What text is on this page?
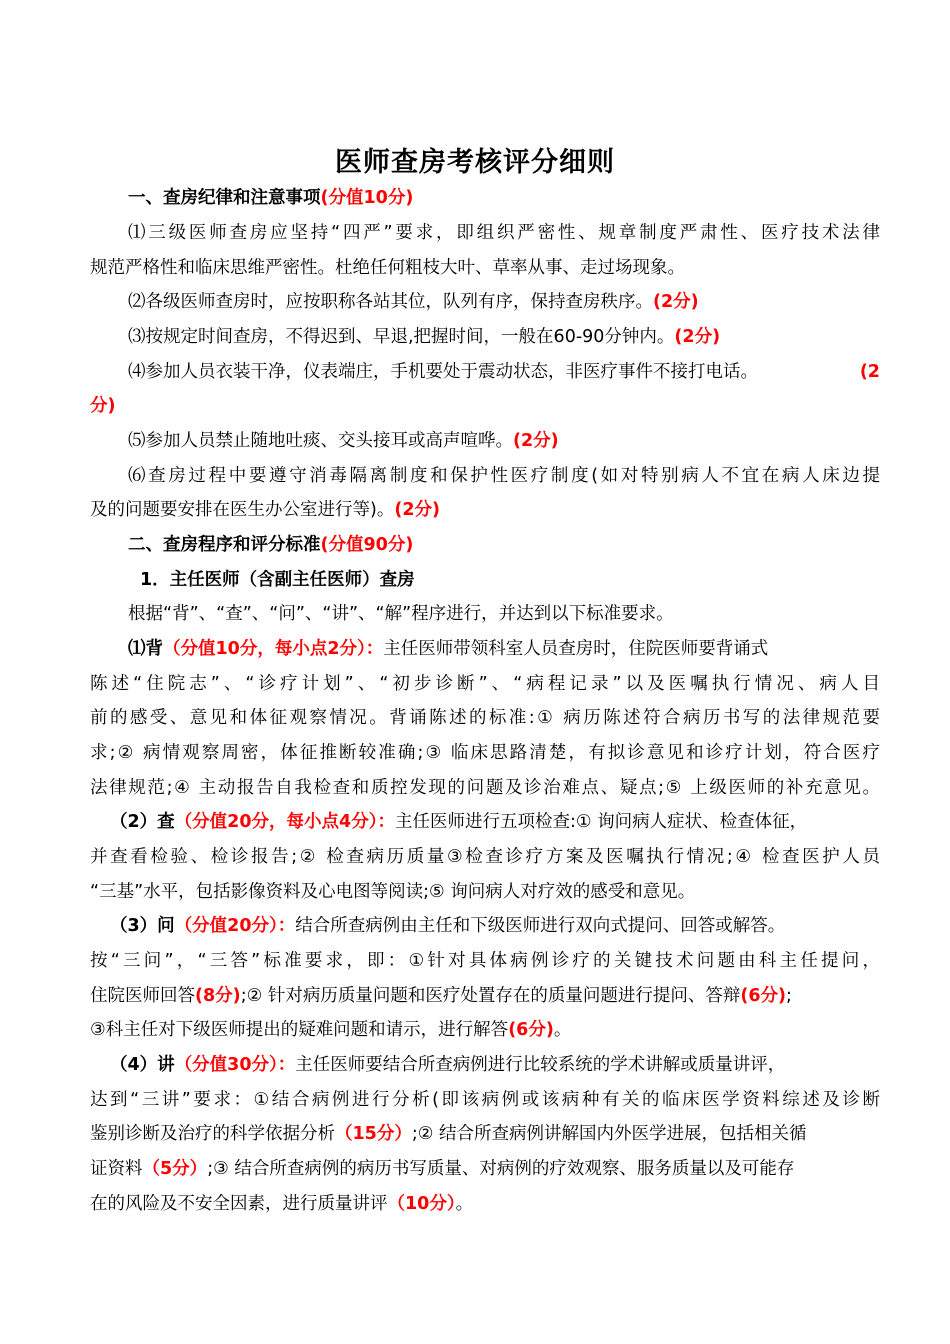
医师查房考核评分细则
一、查房纪律和注意事项(分值10分)
⑴三级医师查房应坚持“四严”要求，即组织严密性、规章制度严肃性、医疗技术法律
规范严格性和临床思维严密性。杜绝任何粗枝大叶、草率从事、走过场现象。
⑵各级医师查房时，应按职称各站其位，队列有序，保持查房秩序。(2分)
⑶按规定时间查房，不得迟到、早退,把握时间，一般在60-90分钟内。(2分)
⑷参加人员衣装干净，仪表端庄，手机要处于震动状态，非医疗事件不接打电话。	(2
分)
⑸参加人员禁止随地吐痰、交头接耳或高声喧哗。(2分)
⑹查房过程中要遵守消毒隔离制度和保护性医疗制度(如对特别病人不宜在病人床边提
及的问题要安排在医生办公室进行等)。(2分)
二、查房程序和评分标准(分值90分)
1．主任医师（含副主任医师）查房
根据“背”、“查”、“问”、“讲”、“解”程序进行，并达到以下标准要求。
⑴背（分值10分，每小点2分）：主任医师带领科室人员查房时，住院医师要背诵式
陈述“住院志”、“诊疗计划”、“初步诊断”、“病程记录”以及医嘱执行情况、病人目
前的感受、意见和体征观察情况。背诵陈述的标准:① 病历陈述符合病历书写的法律规范要
求;② 病情观察周密，体征推断较准确;③ 临床思路清楚，有拟诊意见和诊疗计划，符合医疗
法律规范;④ 主动报告自我检查和质控发现的问题及诊治难点、疑点;⑤ 上级医师的补充意见。
（2）查（分值20分，每小点4分）：主任医师进行五项检查:① 询问病人症状、检查体征，
并查看检验、检诊报告;② 检查病历质量③检查诊疗方案及医嘱执行情况;④ 检查医护人员
“三基”水平，包括影像资料及心电图等阅读;⑤ 询问病人对疗效的感受和意见。
（3）问（分值20分）：结合所查病例由主任和下级医师进行双向式提问、回答或解答。
按“三问”，“三答”标准要求，即：①针对具体病例诊疗的关键技术问题由科主任提问，
住院医师回答(8分);② 针对病历质量问题和医疗处置存在的质量问题进行提问、答辩(6分);
③科主任对下级医师提出的疑难问题和请示，进行解答(6分)。
（4）讲（分值30分）：主任医师要结合所查病例进行比较系统的学术讲解或质量讲评，
达到“三讲”要求：①结合病例进行分析(即该病例或该病种有关的临床医学资料综述及诊断
鉴别诊断及治疗的科学依据分析（15分）;② 结合所查病例讲解国内外医学进展，包括相关循
证资料（5分）;③ 结合所查病例的病历书写质量、对病例的疗效观察、服务质量以及可能存
在的风险及不安全因素，进行质量讲评（10分）。
